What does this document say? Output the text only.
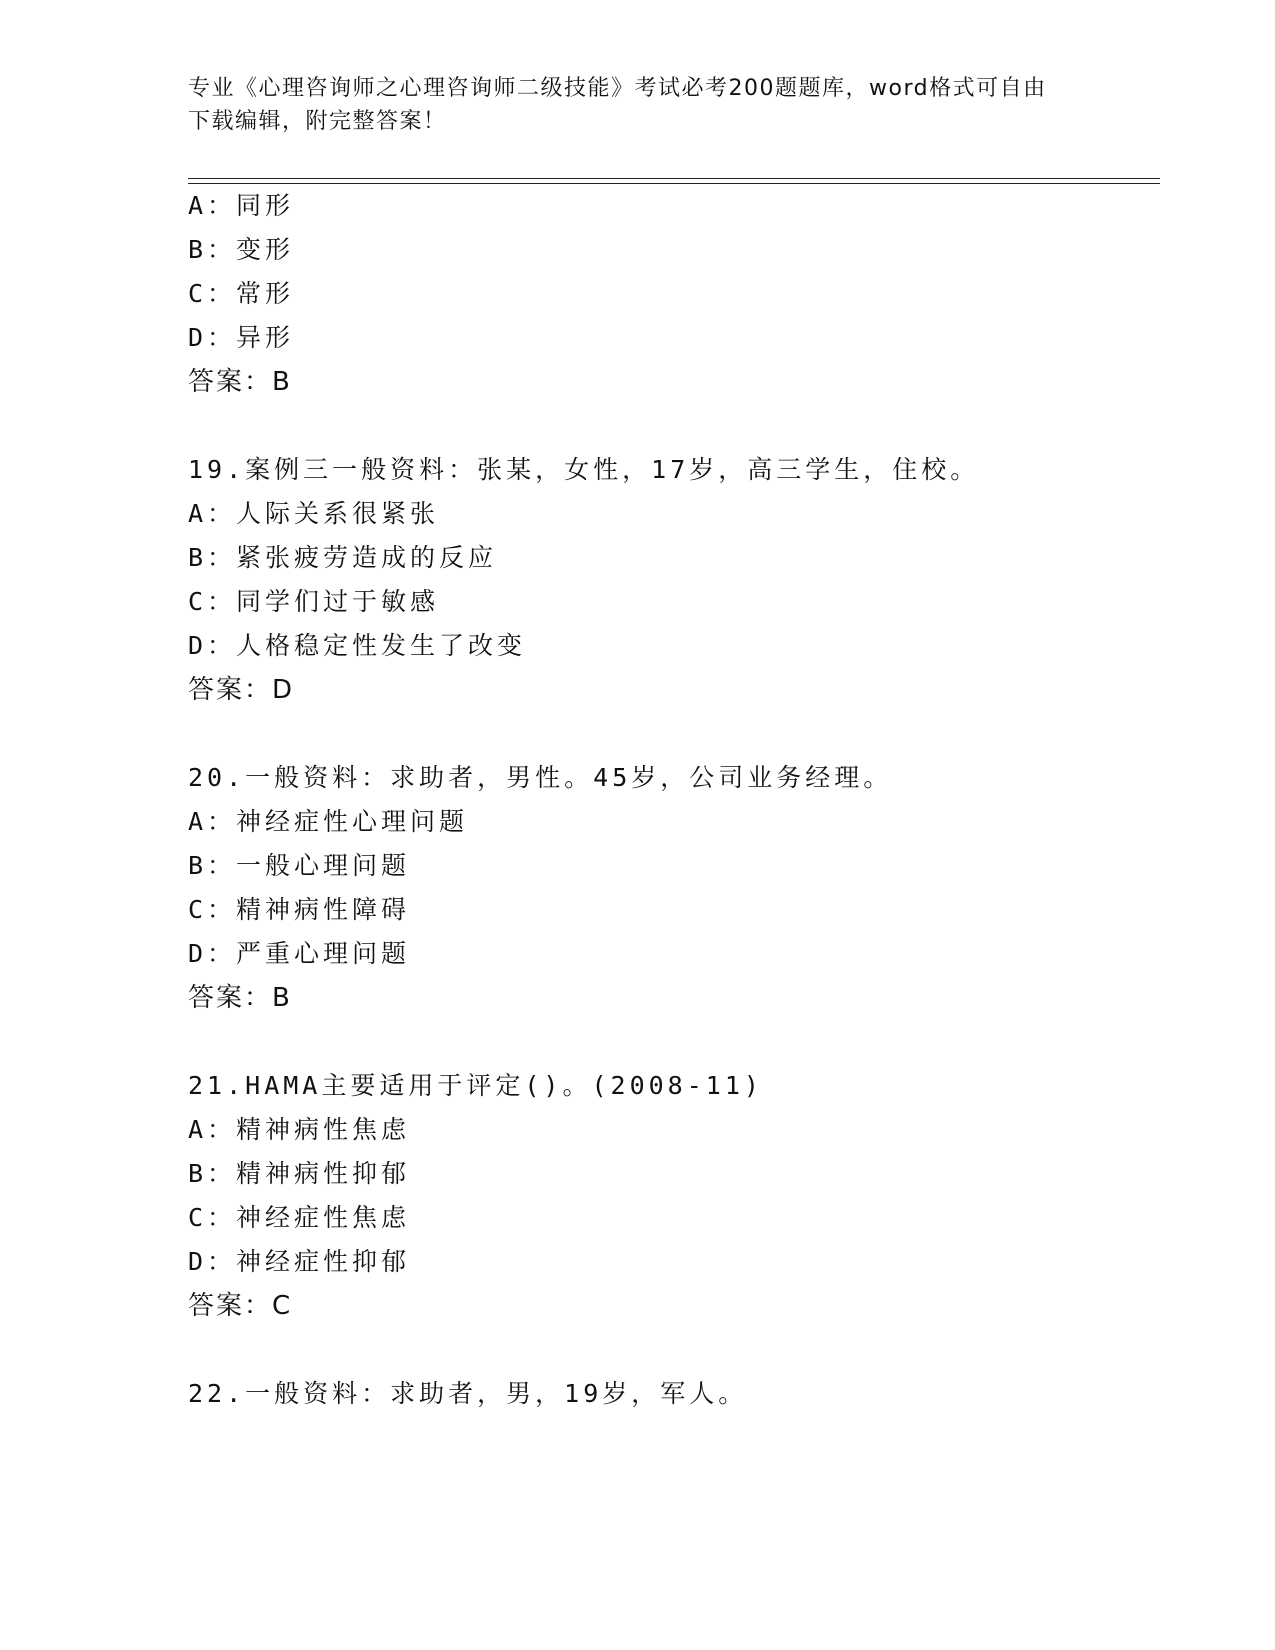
专业《心理咨询师之心理咨询师二级技能》考试必考200题题库，word格式可自由下载编辑，附完整答案！
A：同形
B：变形
C：常形
D：异形
答案：B
19.案例三一般资料：张某，女性，17岁，高三学生，住校。
A：人际关系很紧张
B：紧张疲劳造成的反应
C：同学们过于敏感
D：人格稳定性发生了改变
答案：D
20.一般资料：求助者，男性。45岁，公司业务经理。
A：神经症性心理问题
B：一般心理问题
C：精神病性障碍
D：严重心理问题
答案：B
21.HAMA主要适用于评定()。(2008-11)
A：精神病性焦虑
B：精神病性抑郁
C：神经症性焦虑
D：神经症性抑郁
答案：C
22.一般资料：求助者，男，19岁，军人。
